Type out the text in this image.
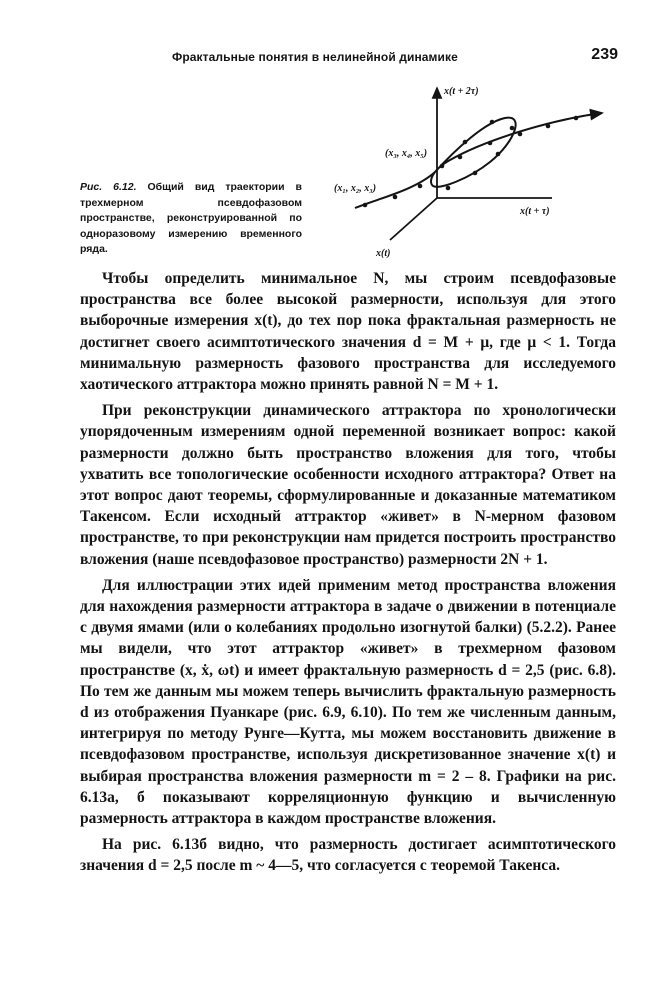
Фрактальные понятия в нелинейной динамике	239
x(t + 2τ)
x(t + τ)
x(t)
(x₁, x₂, x₃)
(x₃, x₄, x₅)
Рис. 6.12. Общий вид траектории в трехмерном псевдофазовом пространстве, реконструированной по одноразовому измерению временного ряда.

Чтобы определить минимальное N, мы строим псевдофазовые пространства все более высокой размерности, используя для этого выборочные измерения x(t), до тех пор пока фрактальная размерность не достигнет своего асимптотического значения d = M + μ, где μ < 1. Тогда минимальную размерность фазового пространства для исследуемого хаотического аттрактора можно принять равной N = M + 1.

При реконструкции динамического аттрактора по хронологически упорядоченным измерениям одной переменной возникает вопрос: какой размерности должно быть пространство вложения для того, чтобы ухватить все топологические особенности исходного аттрактора? Ответ на этот вопрос дают теоремы, сформулированные и доказанные математиком Такенсом. Если исходный аттрактор «живет» в N-мерном фазовом пространстве, то при реконструкции нам придется построить пространство вложения (наше псевдофазовое пространство) размерности 2N + 1.

Для иллюстрации этих идей применим метод пространства вложения для нахождения размерности аттрактора в задаче о движении в потенциале с двумя ямами (или о колебаниях продольно изогнутой балки) (5.2.2). Ранее мы видели, что этот аттрактор «живет» в трехмерном фазовом пространстве (x, ẋ, ωt) и имеет фрактальную размерность d = 2,5 (рис. 6.8). По тем же данным мы можем теперь вычислить фрактальную размерность d из отображения Пуанкаре (рис. 6.9, 6.10). По тем же численным данным, интегрируя по методу Рунге—Кутта, мы можем восстановить движение в псевдофазовом пространстве, используя дискретизованное значение x(t) и выбирая пространства вложения размерности m = 2 – 8. Графики на рис. 6.13а, б показывают корреляционную функцию и вычисленную размерность аттрактора в каждом пространстве вложения.

На рис. 6.13б видно, что размерность достигает асимптотического значения d = 2,5 после m ~ 4—5, что согласуется с теоремой Такенса.
